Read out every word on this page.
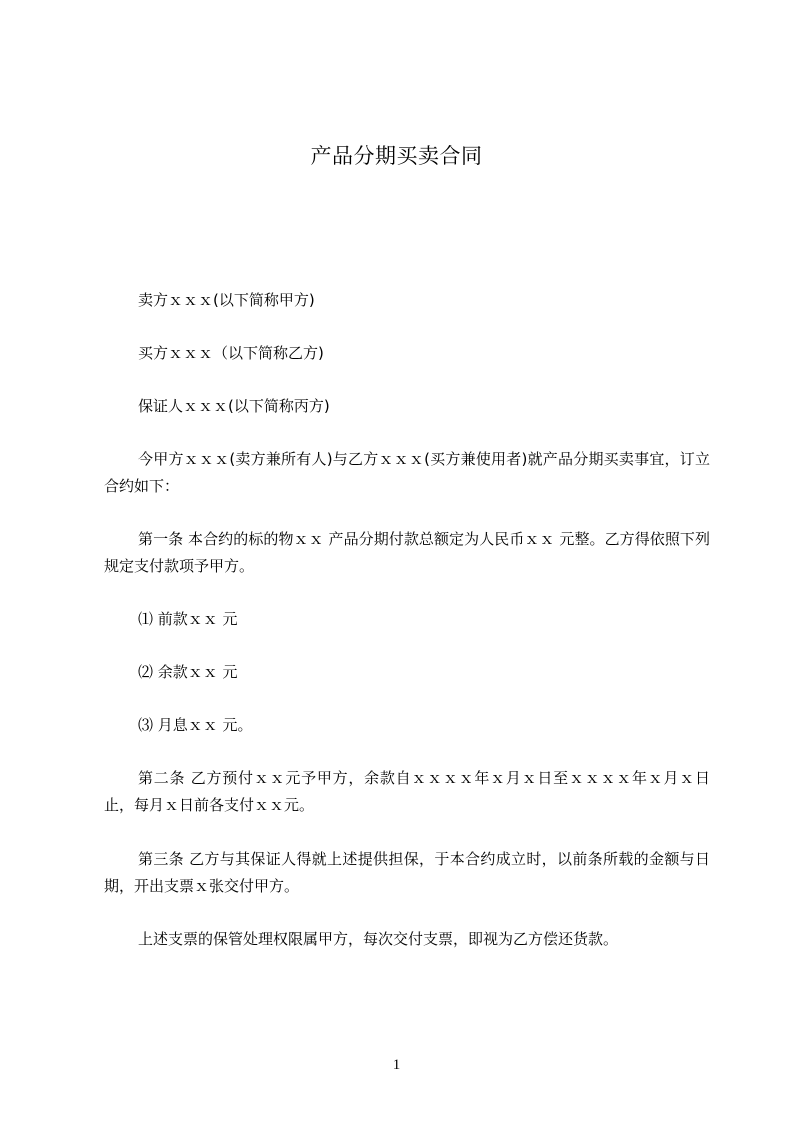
产品分期买卖合同

卖方ｘｘｘ(以下简称甲方)

买方ｘｘｘ（以下简称乙方)

保证人ｘｘｘ(以下简称丙方)

今甲方ｘｘｘ(卖方兼所有人)与乙方ｘｘｘ(买方兼使用者)就产品分期买卖事宜，订立合约如下：

第一条 本合约的标的物ｘｘ 产品分期付款总额定为人民币ｘｘ 元整。乙方得依照下列规定支付款项予甲方。

⑴ 前款ｘｘ 元

⑵ 余款ｘｘ 元

⑶ 月息ｘｘ 元。

第二条 乙方预付ｘｘ元予甲方，余款自ｘｘｘｘ年ｘ月ｘ日至ｘｘｘｘ年ｘ月ｘ日止，每月ｘ日前各支付ｘｘ元。

第三条 乙方与其保证人得就上述提供担保，于本合约成立时，以前条所载的金额与日期，开出支票ｘ张交付甲方。

上述支票的保管处理权限属甲方，每次交付支票，即视为乙方偿还货款。

1
